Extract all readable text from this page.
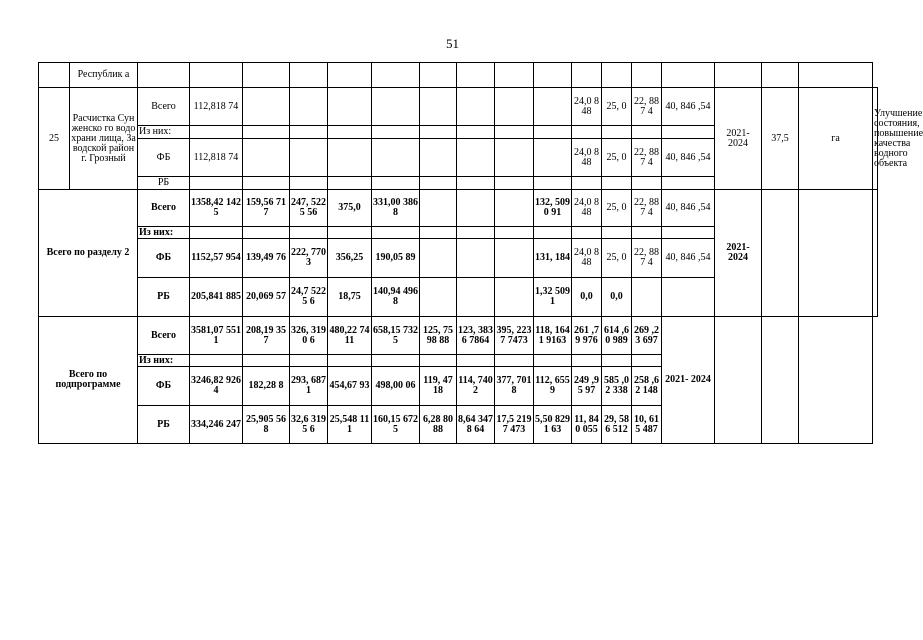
51
	Республик а																		
25	Расчистка Сунженско го водохрани лища, Заводской район г. Грозный	Всего	112,818 74									24,0 848	25, 0	22, 887 4	40, 846 ,54	2021- 2024	37,5	га	Улучшение состояния, повышение качества водного объекта
		Из них:																	
		ФБ	112,818 74									24,0 848	25, 0	22, 887 4	40, 846 ,54				
		РБ																	
Всего по разделу 2		Всего	1358,42 1425	159,56 717	247, 5225 56	375,0	331,00 3868				132, 5090 91	24,0 848	25, 0	22, 887 4	40, 846 ,54	2021- 2024			
		Из них:																	
		ФБ	1152,57 954	139,49 76	222, 7703	356,25	190,05 89				131, 184	24,0 848	25, 0	22, 887 4	40, 846 ,54				
		РБ	205,841 885	20,069 57	24,7 5225 6	18,75	140,94 4968				1,32 5091	0,0	0,0						
Всего по подпрограмме		Всего	3581,07 5511	208,19 357	326, 3190 6	480,22 7411	658,15 7325	125, 7598 88	123, 3836 7864	395, 2237 7473	118, 1641 9163	261 ,79 976	614 ,60 989	269 ,23 697	2021- 2024				
		Из них:																	
		ФБ	3246,82 9264	182,28 8	293, 6871	454,67 93	498,00 06	119, 4718	114, 7402	377, 7018	112, 6559	249 ,95 97	585 ,02 338	258 ,62 148					
		РБ	334,246 247	25,905 568	32,6 3195 6	25,548 111	160,15 6725	6,28 8088	8,64 3478 64	17,5 2197 473	5,50 8291 63	11, 840 055	29, 586 512	10, 615 487					
